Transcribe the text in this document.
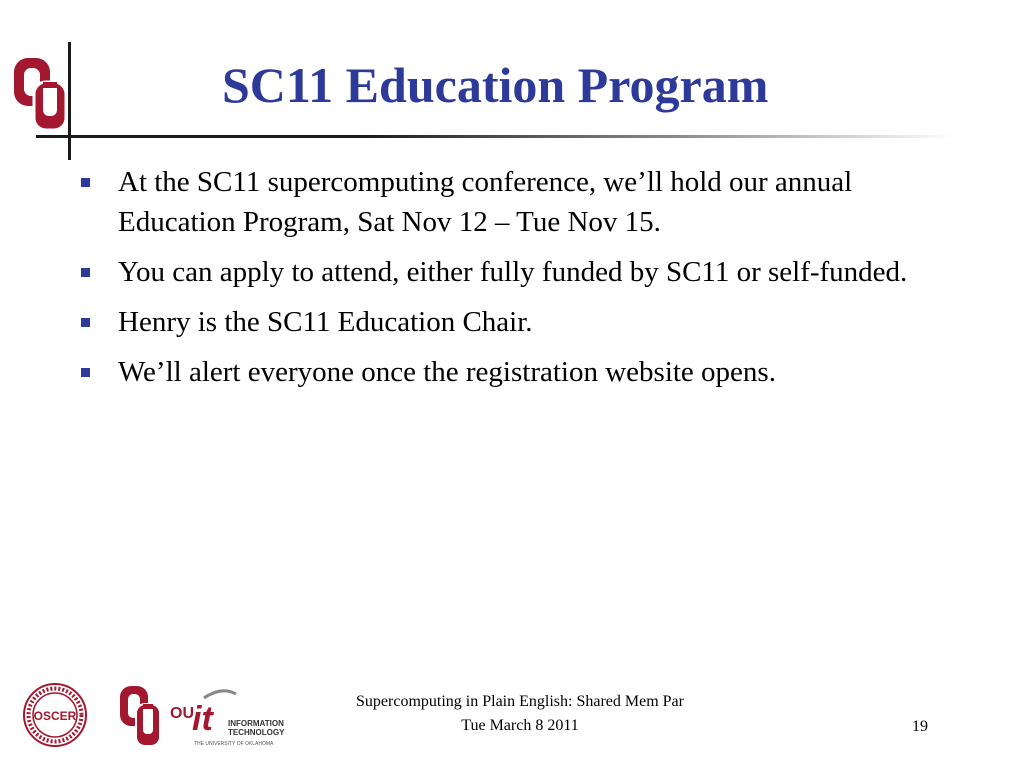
SC11 Education Program
At the SC11 supercomputing conference, we’ll hold our annual Education Program, Sat Nov 12 – Tue Nov 15.
You can apply to attend, either fully funded by SC11 or self-funded.
Henry is the SC11 Education Chair.
We’ll alert everyone once the registration website opens.
OSCER	OU
it INFORMATION
TECHNOLOGY
THE UNIVERSITY OF OKLAHOMA
Supercomputing in Plain English: Shared Mem Par
Tue March 8 2011	19
